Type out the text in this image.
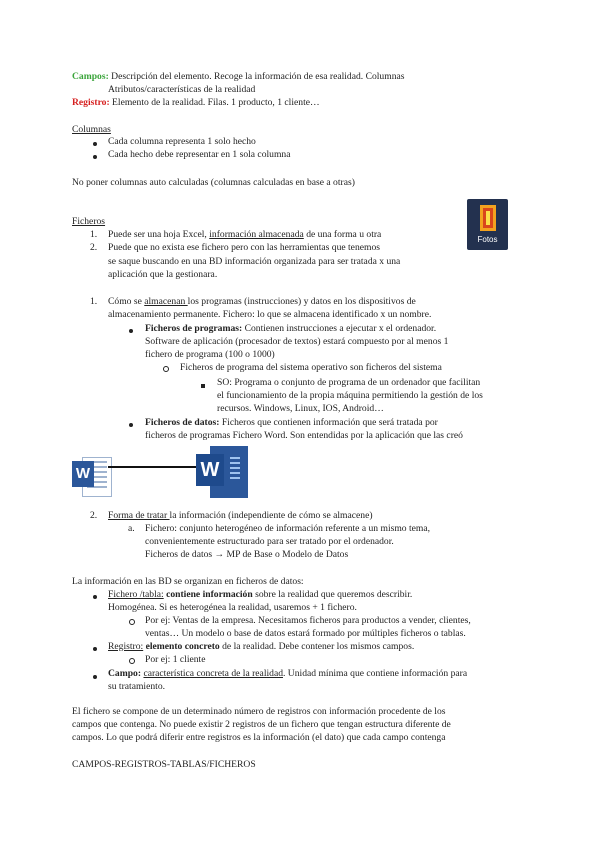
Campos: Descripción del elemento. Recoge la información de esa realidad. Columnas
Atributos/características de la realidad
Registro: Elemento de la realidad. Filas. 1 producto, 1 cliente…
Columnas
Cada columna representa 1 solo hecho
Cada hecho debe representar en 1 sola columna
No poner columnas auto calculadas (columnas calculadas en base a otras)
Ficheros
1. Puede ser una hoja Excel, información almacenada de una forma u otra
2. Puede que no exista ese fichero pero con las herramientas que tenemos
se saque buscando en una BD información organizada para ser tratada x una
aplicación que la gestionara.
Fotos
1. Cómo se almacenan los programas (instrucciones) y datos en los dispositivos de
almacenamiento permanente. Fichero: lo que se almacena identificado x un nombre.
Ficheros de programas: Contienen instrucciones a ejecutar x el ordenador.
Software de aplicación (procesador de textos) estará compuesto por al menos 1
fichero de programa (100 o 1000)
Ficheros de programa del sistema operativo son ficheros del sistema
SO: Programa o conjunto de programa de un ordenador que facilitan
el funcionamiento de la propia máquina permitiendo la gestión de los
recursos. Windows, Linux, IOS, Android…
Ficheros de datos: Ficheros que contienen información que será tratada por
ficheros de programas Fichero Word. Son entendidas por la aplicación que las creó
W	W
2. Forma de tratar la información (independiente de cómo se almacene)
a. Fichero: conjunto heterogéneo de información referente a un mismo tema,
convenientemente estructurado para ser tratado por el ordenador.
Ficheros de datos → MP de Base o Modelo de Datos
La información en las BD se organizan en ficheros de datos:
Fichero /tabla: contiene información sobre la realidad que queremos describir.
Homogénea. Si es heterogénea la realidad, usaremos + 1 fichero.
Por ej: Ventas de la empresa. Necesitamos ficheros para productos a vender, clientes,
ventas… Un modelo o base de datos estará formado por múltiples ficheros o tablas.
Registro: elemento concreto de la realidad. Debe contener los mismos campos.
Por ej: 1 cliente
Campo: característica concreta de la realidad. Unidad mínima que contiene información para
su tratamiento.
El fichero se compone de un determinado número de registros con información procedente de los
campos que contenga. No puede existir 2 registros de un fichero que tengan estructura diferente de
campos. Lo que podrá diferir entre registros es la información (el dato) que cada campo contenga
CAMPOS-REGISTROS-TABLAS/FICHEROS
